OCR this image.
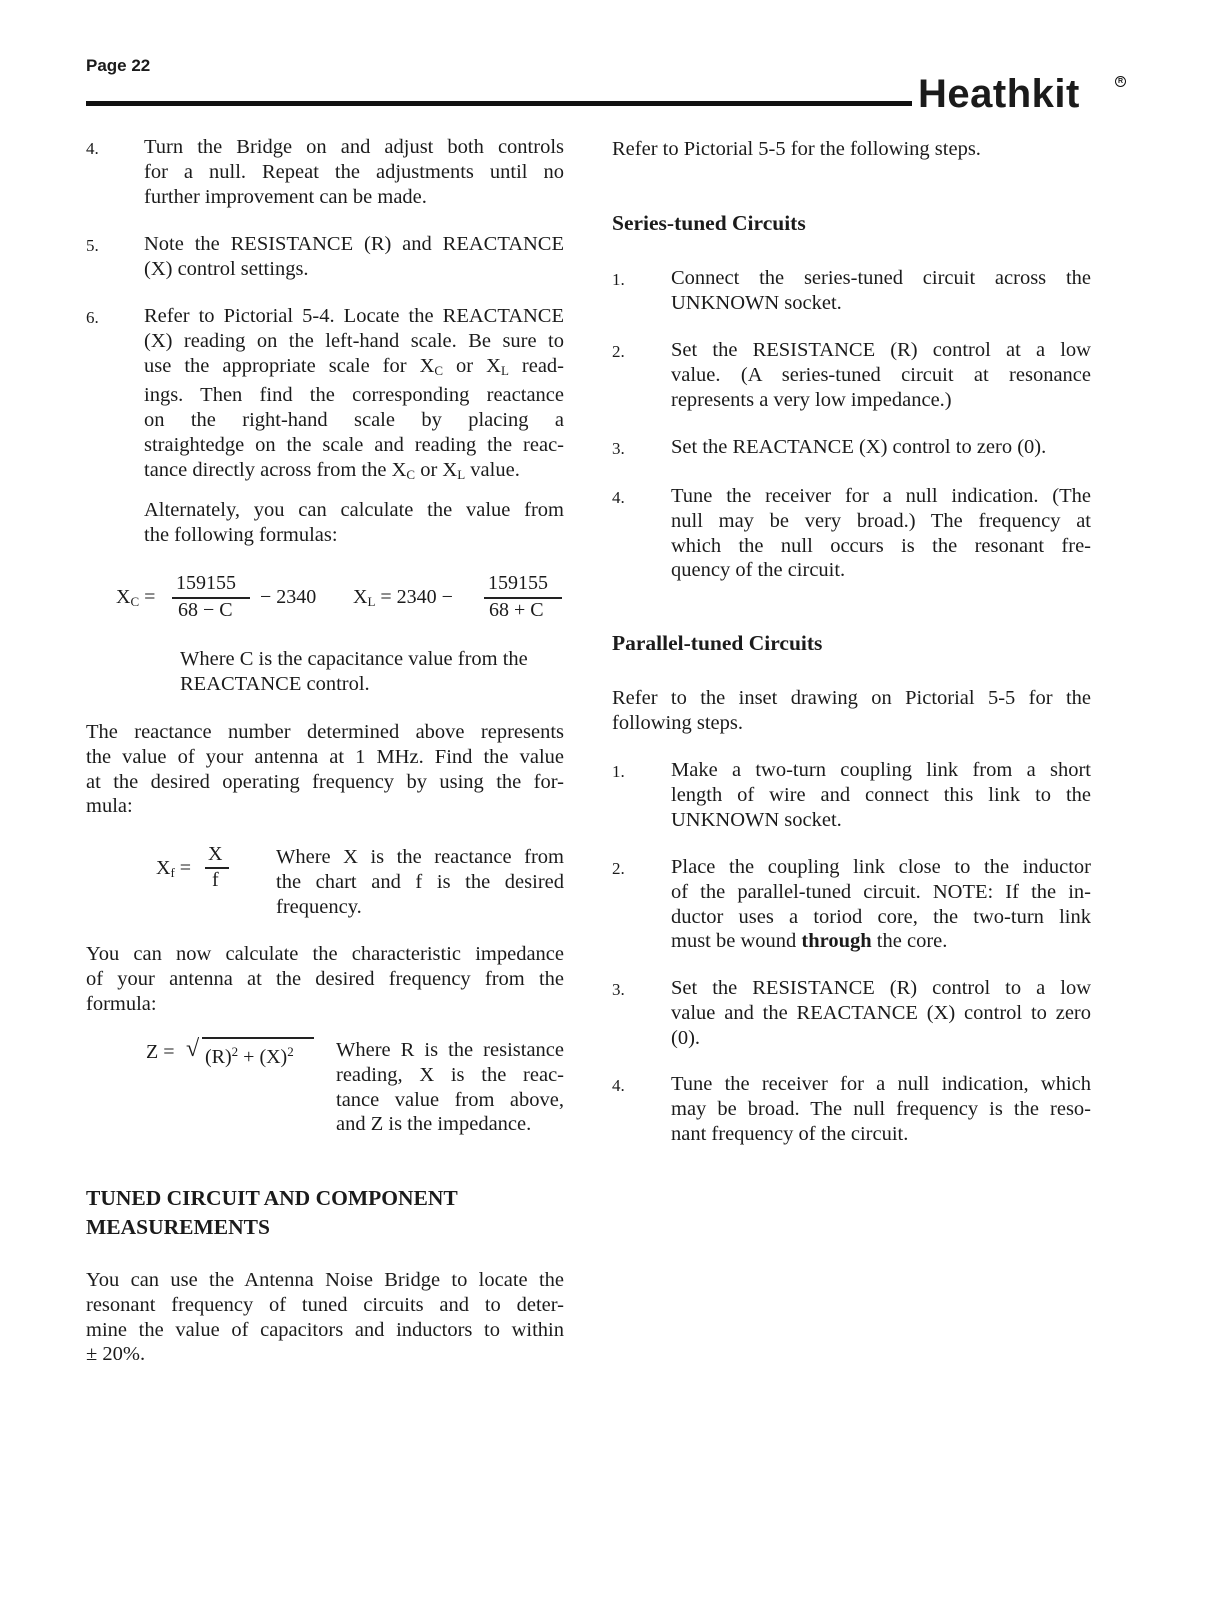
Page 22
Heathkit	R
4. Turn the Bridge on and adjust both controls
for a null. Repeat the adjustments until no
further improvement can be made.
5. Note the RESISTANCE (R) and REACTANCE
(X) control settings.
6. Refer to Pictorial 5-4. Locate the REACTANCE
(X) reading on the left-hand scale. Be sure to
use the appropriate scale for $X_C$ or $X_L$ read-
ings. Then find the corresponding reactance
on the right-hand scale by placing a
straightedge on the scale and reading the reac-
tance directly across from the $X_C$ or $X_L$ value.
Alternately, you can calculate the value from
the following formulas:
$X_C$ =
159155
68 − C
− 2340 $X_L = 2340$ −
159155
68 + C
Where C is the capacitance value from the
REACTANCE control.
The reactance number determined above represents
the value of your antenna at 1 MHz. Find the value
at the desired operating frequency by using the for-
mula:
$X_f$ =
X
f
Where X is the reactance from
the chart and f is the desired
frequency.
You can now calculate the characteristic impedance
of your antenna at the desired frequency from the
formula:
Z = √ $(R)^2 + (X)^2$ Where R is the resistance
reading, X is the reac-
tance value from above,
and Z is the impedance.
TUNED CIRCUIT AND COMPONENT
MEASUREMENTS
You can use the Antenna Noise Bridge to locate the
resonant frequency of tuned circuits and to deter-
mine the value of capacitors and inductors to within
± 20%.
Refer to Pictorial 5-5 for the following steps.
Series-tuned Circuits
1. Connect the series-tuned circuit across the
UNKNOWN socket.
2. Set the RESISTANCE (R) control at a low
value. (A series-tuned circuit at resonance
represents a very low impedance.)
3. Set the REACTANCE (X) control to zero (0).
4. Tune the receiver for a null indication. (The
null may be very broad.) The frequency at
which the null occurs is the resonant fre-
quency of the circuit.
Parallel-tuned Circuits
Refer to the inset drawing on Pictorial 5-5 for the
following steps.
1. Make a two-turn coupling link from a short
length of wire and connect this link to the
UNKNOWN socket.
2. Place the coupling link close to the inductor
of the parallel-tuned circuit. NOTE: If the in-
ductor uses a toriod core, the two-turn link
must be wound through the core.
3. Set the RESISTANCE (R) control to a low
value and the REACTANCE (X) control to zero
(0).
4. Tune the receiver for a null indication, which
may be broad. The null frequency is the reso-
nant frequency of the circuit.
